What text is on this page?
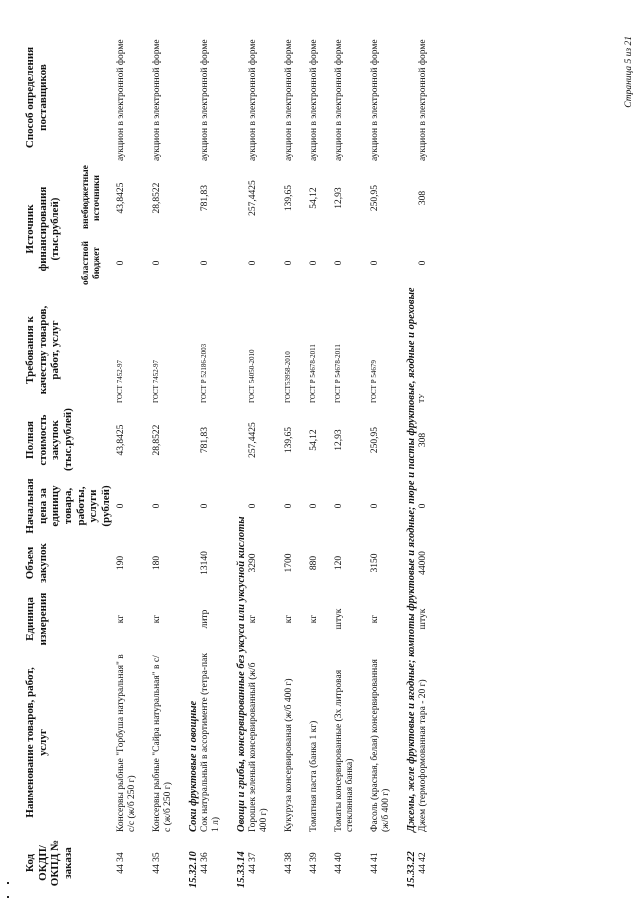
Код ОКДП/ ОКПД № заказа	Наименование товаров, работ, услуг	Единица измерения	Объем закупок	Начальная цена за единицу товара, работы, услуги (рублей)	Полная стоимость закупок (тыс.рублей)	Требования к качеству товаров, работ, услуг	Источник финансирования (тыс.рублей)		Способ определения поставщиков
							областной бюджет	внебюджетные источники	
44 34	Консервы рыбные "Горбуша натуральная" в с/с (ж/б 250 г)	кг	190	0	43,8425	ГОСТ 7452-97	0	43,8425	аукцион в электронной форме
44 35	Консервы рыбные "Сайра натуральная" в с/с (ж/б 250 г)	кг	180	0	28,8522	ГОСТ 7452-97	0	28,8522	аукцион в электронной форме
15.32.10	Соки фруктовые и овощные								
44 36	Сок натуральный в ассортименте (тетра-пак 1 л)	литр	13140	0	781,83	ГОСТ Р 52186-2003	0	781,83	аукцион в электронной форме
15.33.14	Овощи и грибы, консервированные без уксуса или уксусной кислоты								
44 37	Горошек зеленый консервированный (ж/б 400 г)	кг	3290	0	257,4425	ГОСТ 54050-2010	0	257,4425	аукцион в электронной форме
44 38	Кукуруза консервированая (ж/б 400 г)	кг	1700	0	139,65	ГОСТ53958-2010	0	139,65	аукцион в электронной форме
44 39	Томатная паста (банка 1 кг)	кг	880	0	54,12	ГОСТ Р 54678-2011	0	54,12	аукцион в электронной форме
44 40	Томаты консервированные (3х литровая стеклянная банка)	штук	120	0	12,93	ГОСТ Р 54678-2011	0	12,93	аукцион в электронной форме
44 41	Фасоль (красная, белая) консервированная (ж/б 400 г)	кг	3150	0	250,95	ГОСТ Р 54679	0	250,95	аукцион в электронной форме
15.33.22	Джемы, желе фруктовые и ягодные; компоты фруктовые и ягодные; пюре и пасты фруктовые, ягодные и ореховые								
44 42	Джем (термоформованная тара - 20 г)	штук	44000	0	308	ТУ	0	308	аукцион в электронной форме	Страница 5 из 21
